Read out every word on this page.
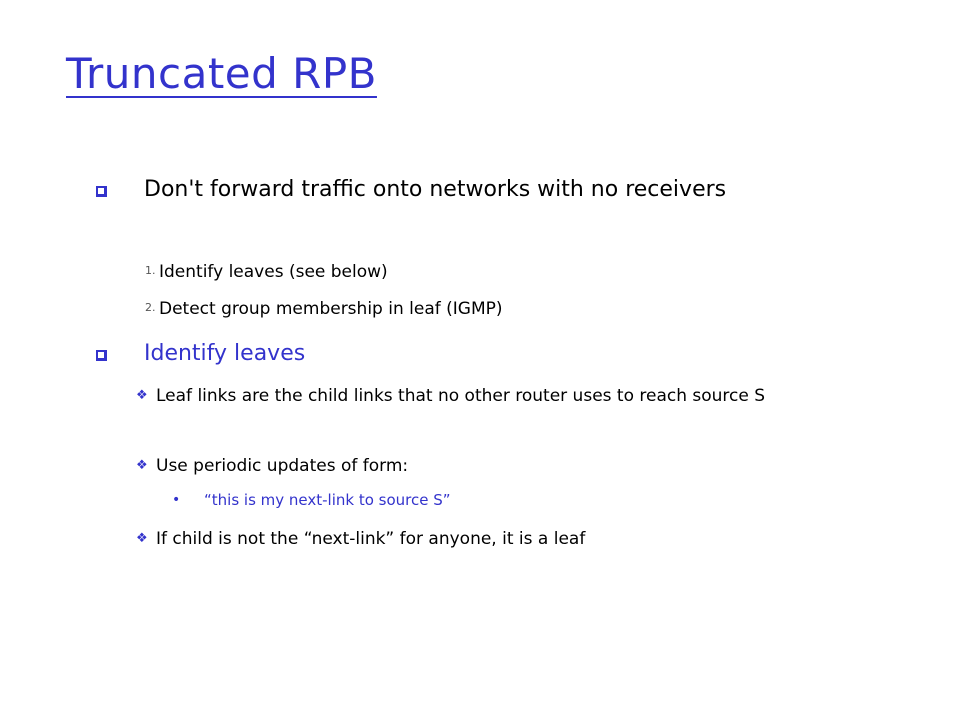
Truncated RPB
Don't forward traffic onto networks with no receivers
1. Identify leaves (see below)
2. Detect group membership in leaf (IGMP)
Identify leaves
❖ Leaf links are the child links that no other router uses to reach source S
❖ Use periodic updates of form:
• “this is my next-link to source S”
❖ If child is not the “next-link” for anyone, it is a leaf
